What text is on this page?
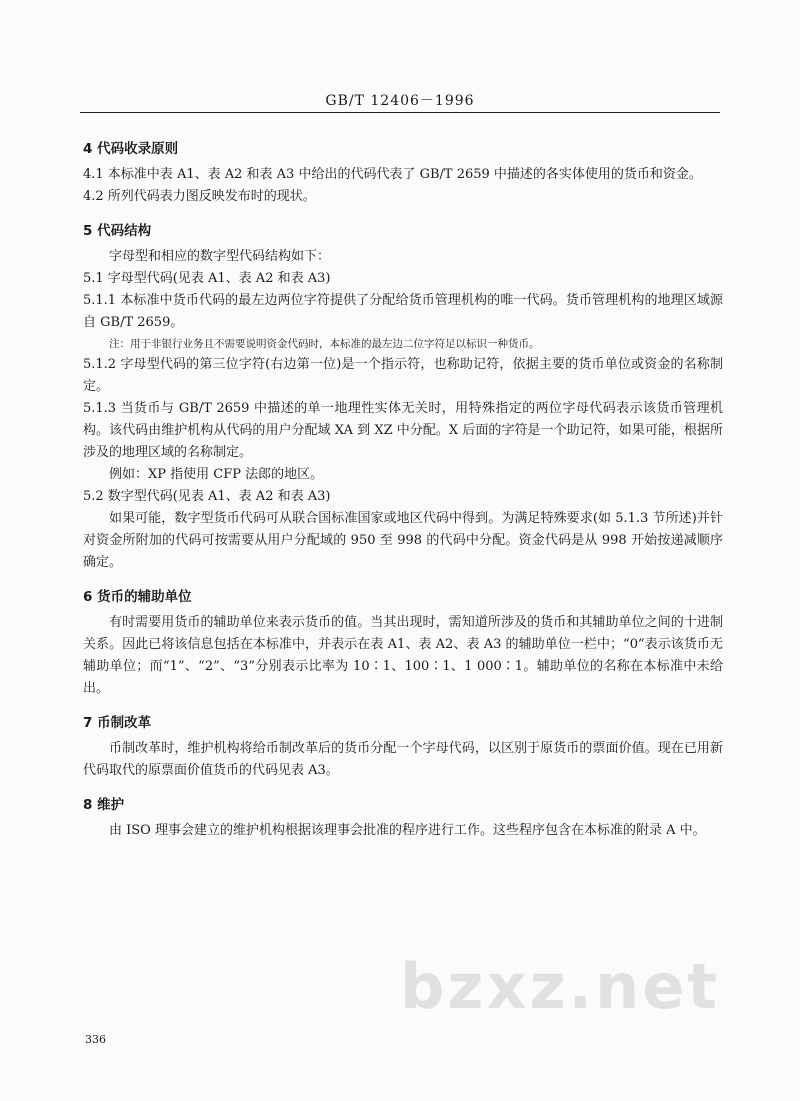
GB/T 12406－1996
4 代码收录原则

4.1 本标准中表 A1、表 A2 和表 A3 中给出的代码代表了 GB/T 2659 中描述的各实体使用的货币和资金。

4.2 所列代码表力图反映发布时的现状。

5 代码结构

字母型和相应的数字型代码结构如下：

5.1 字母型代码(见表 A1、表 A2 和表 A3)

5.1.1 本标准中货币代码的最左边两位字符提供了分配给货币管理机构的唯一代码。货币管理机构的地理区域源自 GB/T 2659。

注：用于非银行业务且不需要说明资金代码时，本标准的最左边二位字符足以标识一种货币。

5.1.2 字母型代码的第三位字符(右边第一位)是一个指示符，也称助记符，依据主要的货币单位或资金的名称制定。

5.1.3 当货币与 GB/T 2659 中描述的单一地理性实体无关时，用特殊指定的两位字母代码表示该货币管理机构。该代码由维护机构从代码的用户分配域 XA 到 XZ 中分配。X 后面的字符是一个助记符，如果可能，根据所涉及的地理区域的名称制定。

例如：XP 指使用 CFP 法郎的地区。

5.2 数字型代码(见表 A1、表 A2 和表 A3)

如果可能，数字型货币代码可从联合国标准国家或地区代码中得到。为满足特殊要求(如 5.1.3 节所述)并针对资金所附加的代码可按需要从用户分配域的 950 至 998 的代码中分配。资金代码是从 998 开始按递减顺序确定。

6 货币的辅助单位

有时需要用货币的辅助单位来表示货币的值。当其出现时，需知道所涉及的货币和其辅助单位之间的十进制关系。因此已将该信息包括在本标准中，并表示在表 A1、表 A2、表 A3 的辅助单位一栏中；“0”表示该货币无辅助单位；而“1”、“2”、“3”分别表示比率为 10∶1、100∶1、1 000∶1。辅助单位的名称在本标准中未给出。

7 币制改革

币制改革时，维护机构将给币制改革后的货币分配一个字母代码，以区别于原货币的票面价值。现在已用新代码取代的原票面价值货币的代码见表 A3。

8 维护

由 ISO 理事会建立的维护机构根据该理事会批准的程序进行工作。这些程序包含在本标准的附录 A 中。

bzxz.net
336
